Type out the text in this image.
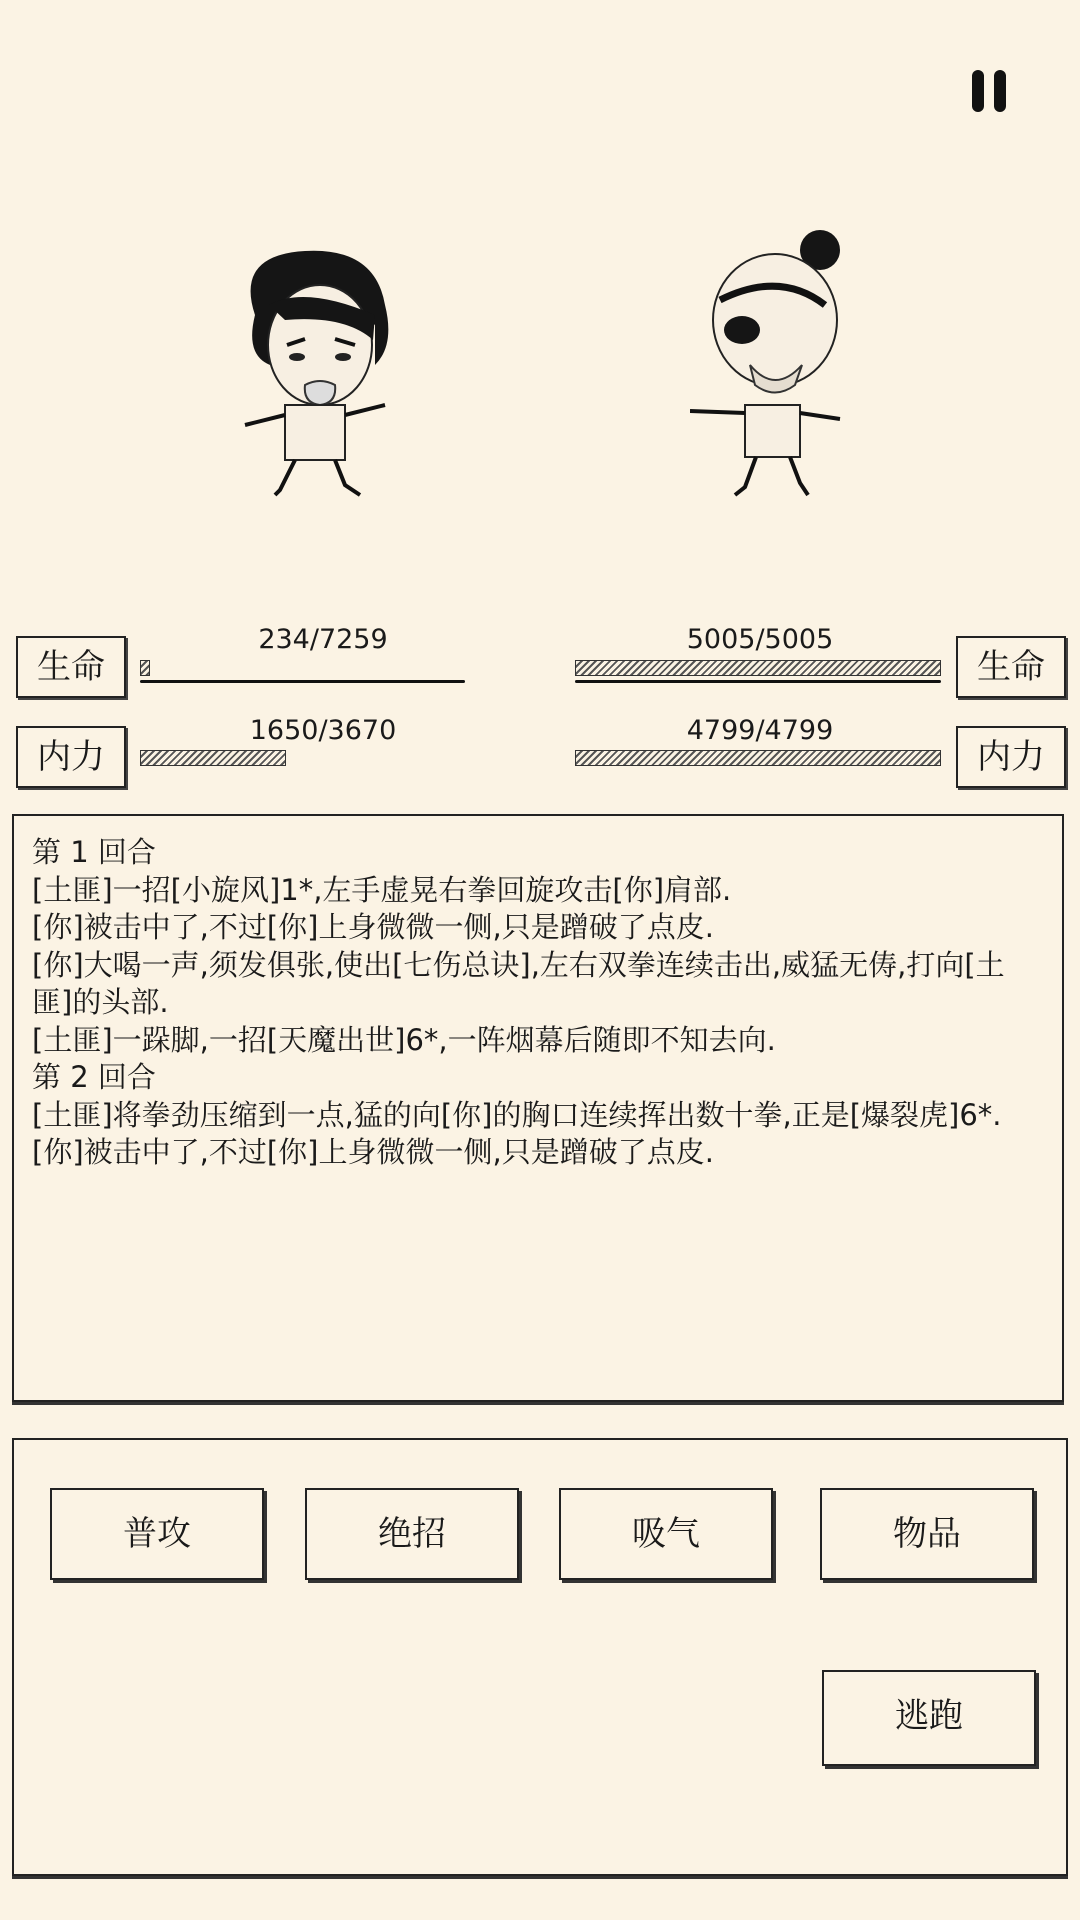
生命
234/7259
内力
1650/3670
生命
5005/5005
内力
4799/4799

第 1 回合

[土匪]一招[小旋风]1*,左手虚晃右拳回旋攻击[你]肩部.

[你]被击中了,不过[你]上身微微一侧,只是蹭破了点皮.

[你]大喝一声,须发俱张,使出[七伤总诀],左右双拳连续击出,威猛无俦,打向[土匪]的头部.

[土匪]一跺脚,一招[天魔出世]6*,一阵烟幕后随即不知去向.

第 2 回合

[土匪]将拳劲压缩到一点,猛的向[你]的胸口连续挥出数十拳,正是[爆裂虎]6*.

[你]被击中了,不过[你]上身微微一侧,只是蹭破了点皮.

普攻	绝招	吸气	物品
逃跑
